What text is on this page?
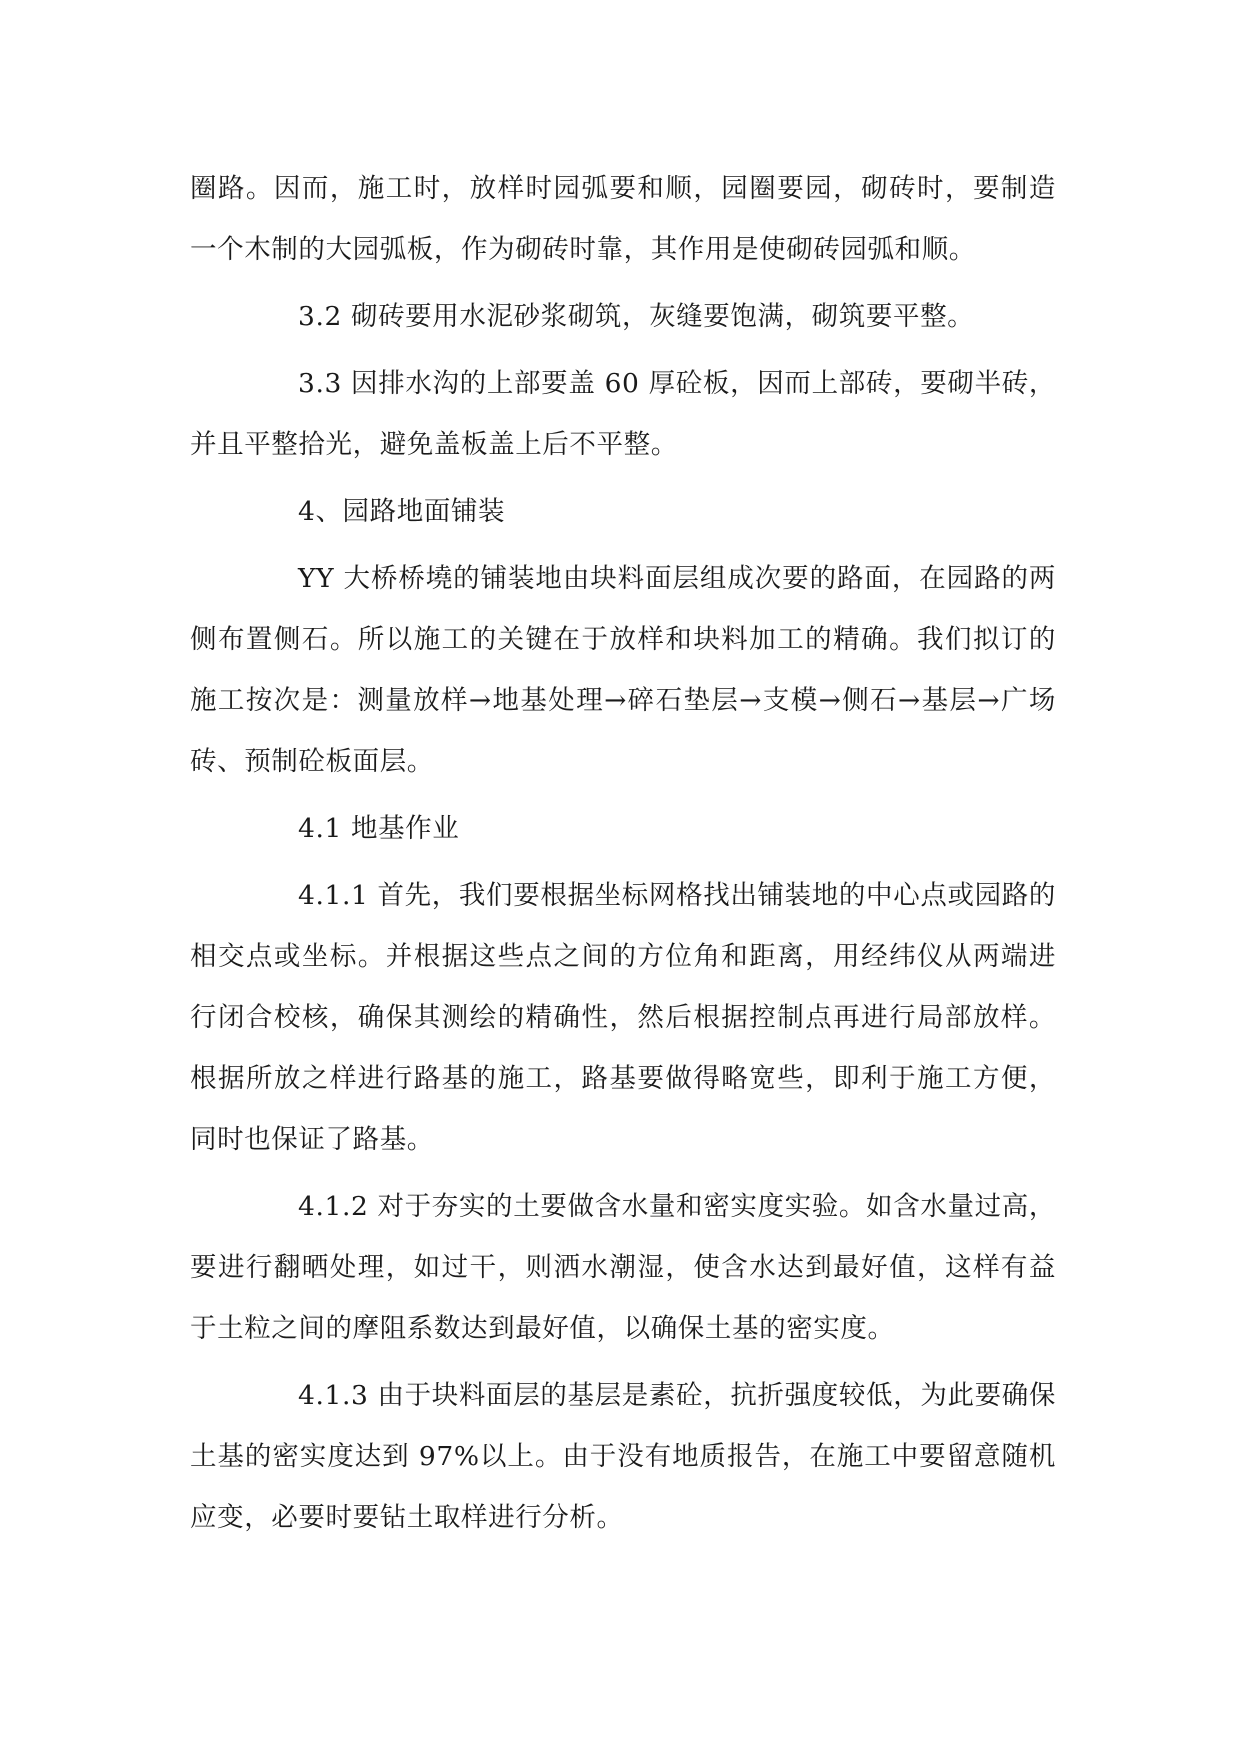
圈路。因而，施工时，放样时园弧要和顺，园圈要园，砌砖时，要制造一个木制的大园弧板，作为砌砖时靠，其作用是使砌砖园弧和顺。

3.2 砌砖要用水泥砂浆砌筑，灰缝要饱满，砌筑要平整。

3.3 因排水沟的上部要盖 60 厚砼板，因而上部砖，要砌半砖，并且平整拾光，避免盖板盖上后不平整。

4、园路地面铺装

YY 大桥桥墝的铺装地由块料面层组成次要的路面，在园路的两侧布置侧石。所以施工的关键在于放样和块料加工的精确。我们拟订的施工按次是：测量放样→地基处理→碎石垫层→支模→侧石→基层→广场砖、预制砼板面层。

4.1 地基作业

4.1.1 首先，我们要根据坐标网格找出铺装地的中心点或园路的相交点或坐标。并根据这些点之间的方位角和距离，用经纬仪从两端进行闭合校核，确保其测绘的精确性，然后根据控制点再进行局部放样。根据所放之样进行路基的施工，路基要做得略宽些，即利于施工方便，同时也保证了路基。

4.1.2 对于夯实的土要做含水量和密实度实验。如含水量过高，要进行翻晒处理，如过干，则洒水潮湿，使含水达到最好值，这样有益于土粒之间的摩阻系数达到最好值，以确保土基的密实度。

4.1.3 由于块料面层的基层是素砼，抗折强度较低，为此要确保土基的密实度达到 97%以上。由于没有地质报告，在施工中要留意随机应变，必要时要钻土取样进行分析。
